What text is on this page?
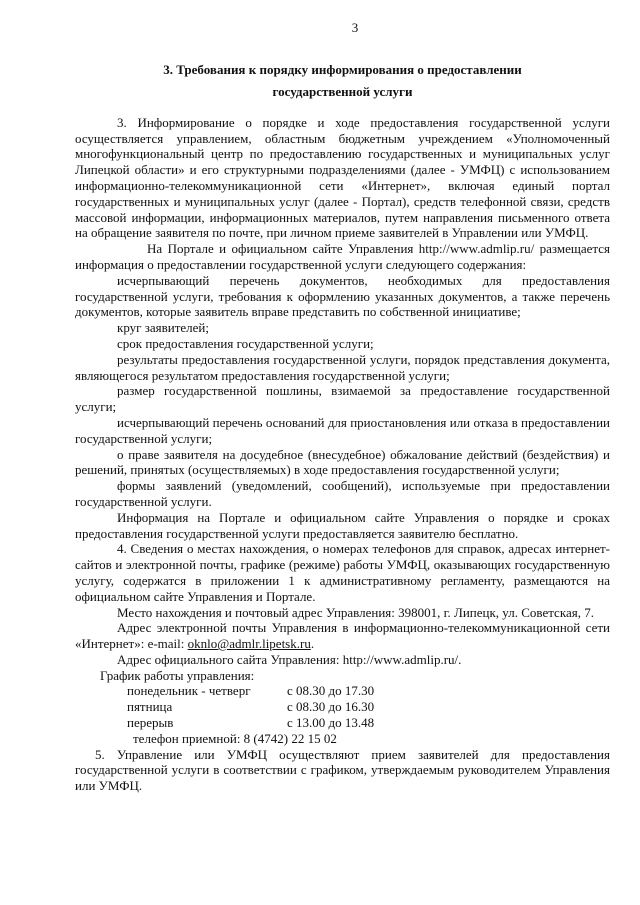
3
3. Требования к порядку информирования о предоставлении
государственной услуги

3. Информирование о порядке и ходе предоставления государственной услуги осуществляется управлением, областным бюджетным учреждением «Уполномоченный многофункциональный центр по предоставлению государственных и муниципальных услуг Липецкой области» и его структурными подразделениями (далее - УМФЦ) с использованием информационно-телекоммуникационной сети «Интернет», включая единый портал государственных и муниципальных услуг (далее - Портал), средств телефонной связи, средств массовой информации, информационных материалов, путем направления письменного ответа на обращение заявителя по почте, при личном приеме заявителей в Управлении или УМФЦ.

На Портале и официальном сайте Управления http://www.admlip.ru/ размещается информация о предоставлении государственной услуги следующего содержания:

исчерпывающий перечень документов, необходимых для предоставления государственной услуги, требования к оформлению указанных документов, а также перечень документов, которые заявитель вправе представить по собственной инициативе;

круг заявителей;

срок предоставления государственной услуги;

результаты предоставления государственной услуги, порядок представления документа, являющегося результатом предоставления государственной услуги;

размер государственной пошлины, взимаемой за предоставление государственной услуги;

исчерпывающий перечень оснований для приостановления или отказа в предоставлении государственной услуги;

о праве заявителя на досудебное (внесудебное) обжалование действий (бездействия) и решений, принятых (осуществляемых) в ходе предоставления государственной услуги;

формы заявлений (уведомлений, сообщений), используемые при предоставлении государственной услуги.

Информация на Портале и официальном сайте Управления о порядке и сроках предоставления государственной услуги предоставляется заявителю бесплатно.

4. Сведения о местах нахождения, о номерах телефонов для справок, адресах интернет-сайтов и электронной почты, графике (режиме) работы УМФЦ, оказывающих государственную услугу, содержатся в приложении 1 к административному регламенту, размещаются на официальном сайте Управления и Портале.

Место нахождения и почтовый адрес Управления: 398001, г. Липецк, ул. Советская, 7.

Адрес электронной почты Управления в информационно-телекоммуникационной сети «Интернет»: e-mail: oknlo@admlr.lipetsk.ru.

Адрес официального сайта Управления: http://www.admlip.ru/.

График работы управления:

понедельник - четверг	с 08.30 до 17.30
пятница	с 08.30 до 16.30
перерыв	с 13.00 до 13.48

телефон приемной: 8 (4742) 22 15 02

5. Управление или УМФЦ осуществляют прием заявителей для предоставления государственной услуги в соответствии с графиком, утверждаемым руководителем Управления или УМФЦ.
